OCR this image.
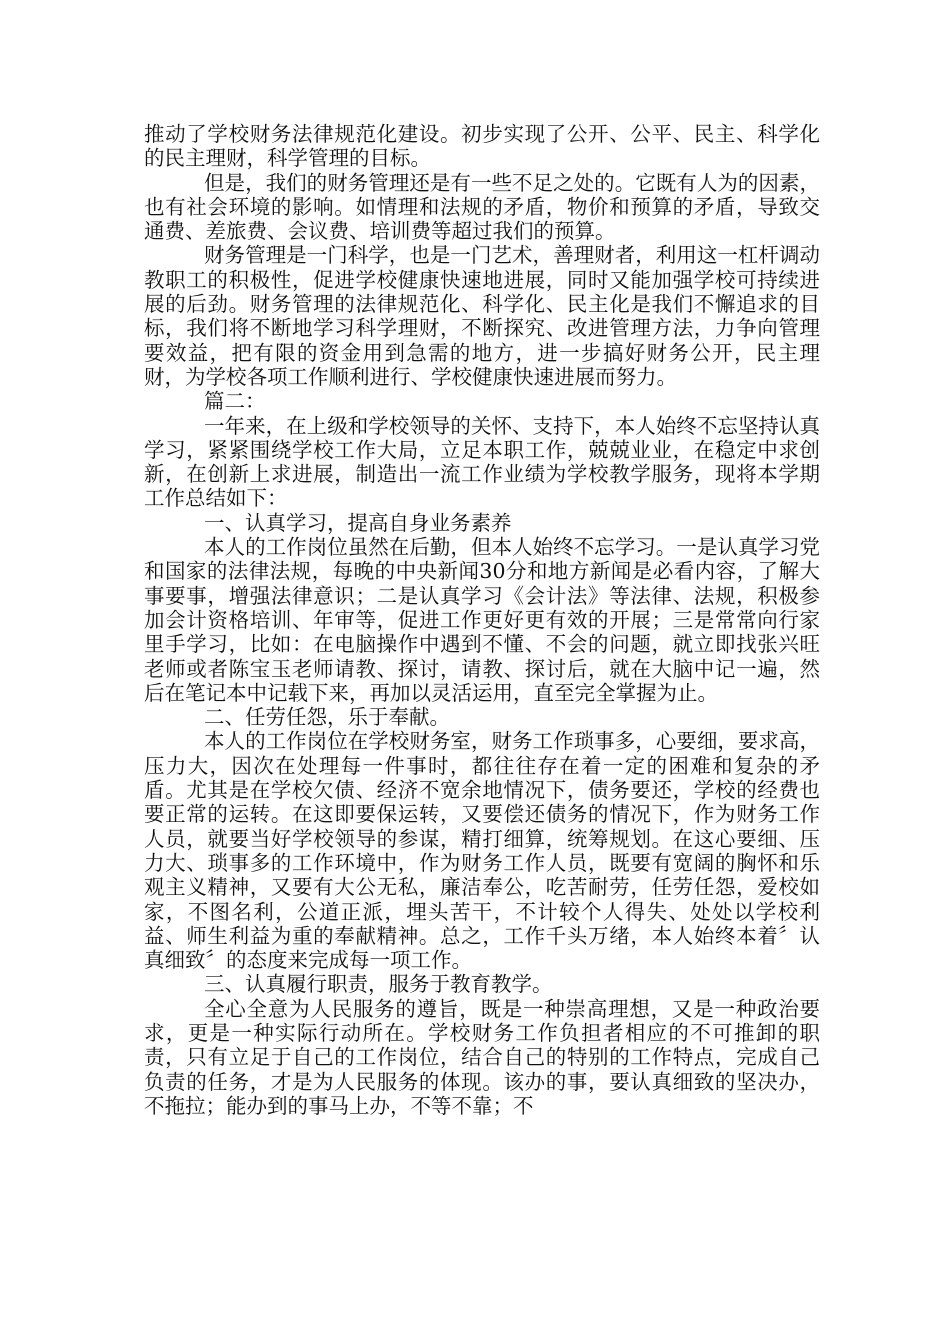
推动了学校财务法律规范化建设。初步实现了公开、公平、民主、科学化的民主理财，科学管理的目标。

但是，我们的财务管理还是有一些不足之处的。它既有人为的因素，也有社会环境的影响。如情理和法规的矛盾，物价和预算的矛盾，导致交通费、差旅费、会议费、培训费等超过我们的预算。

财务管理是一门科学，也是一门艺术，善理财者，利用这一杠杆调动教职工的积极性，促进学校健康快速地进展，同时又能加强学校可持续进展的后劲。财务管理的法律规范化、科学化、民主化是我们不懈追求的目标，我们将不断地学习科学理财，不断探究、改进管理方法，力争向管理要效益，把有限的资金用到急需的地方，进一步搞好财务公开，民主理财，为学校各项工作顺利进行、学校健康快速进展而努力。

篇二：

一年来，在上级和学校领导的关怀、支持下，本人始终不忘坚持认真学习，紧紧围绕学校工作大局，立足本职工作，兢兢业业，在稳定中求创新，在创新上求进展，制造出一流工作业绩为学校教学服务，现将本学期工作总结如下：

一、认真学习，提高自身业务素养

本人的工作岗位虽然在后勤，但本人始终不忘学习。一是认真学习党和国家的法律法规，每晚的中央新闻30分和地方新闻是必看内容，了解大事要事，增强法律意识；二是认真学习《会计法》等法律、法规，积极参加会计资格培训、年审等，促进工作更好更有效的开展；三是常常向行家里手学习，比如：在电脑操作中遇到不懂、不会的问题，就立即找张兴旺老师或者陈宝玉老师请教、探讨，请教、探讨后，就在大脑中记一遍，然后在笔记本中记载下来，再加以灵活运用，直至完全掌握为止。

二、任劳任怨，乐于奉献。

本人的工作岗位在学校财务室，财务工作琐事多，心要细，要求高，压力大，因次在处理每一件事时，都往往存在着一定的困难和复杂的矛盾。尤其是在学校欠债、经济不宽余地情况下，债务要还，学校的经费也要正常的运转。在这即要保运转，又要偿还债务的情况下，作为财务工作人员，就要当好学校领导的参谋，精打细算，统筹规划。在这心要细、压力大、琐事多的工作环境中，作为财务工作人员，既要有宽阔的胸怀和乐观主义精神，又要有大公无私，廉洁奉公，吃苦耐劳，任劳任怨，爱校如家，不图名利，公道正派，埋头苦干，不计较个人得失、处处以学校利益、师生利益为重的奉献精神。总之，工作千头万绪，本人始终本着〞认真细致〞的态度来完成每一项工作。

三、认真履行职责，服务于教育教学。

全心全意为人民服务的遵旨，既是一种崇高理想，又是一种政治要求，更是一种实际行动所在。学校财务工作负担者相应的不可推卸的职责，只有立足于自己的工作岗位，结合自己的特别的工作特点，完成自己负责的任务，才是为人民服务的体现。该办的事，要认真细致的坚决办，不拖拉；能办到的事马上办，不等不靠；不
